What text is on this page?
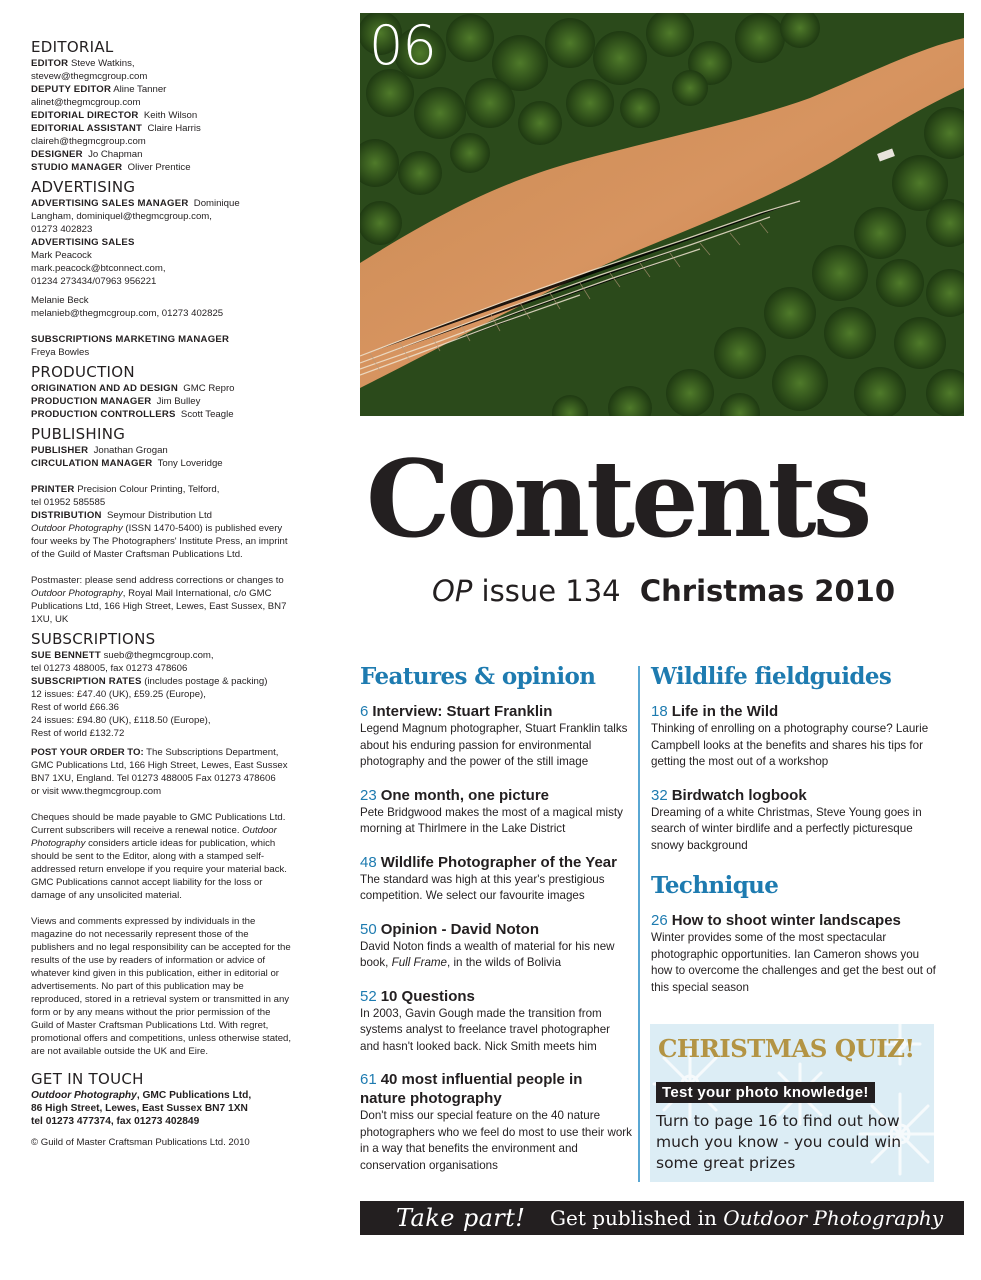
EDITORIAL
EDITOR Steve Watkins,
stevew@thegmcgroup.com
DEPUTY EDITOR Aline Tanner
alinet@thegmcgroup.com
EDITORIAL DIRECTOR Keith Wilson
EDITORIAL ASSISTANT Claire Harris
claireh@thegmcgroup.com
DESIGNER Jo Chapman
STUDIO MANAGER Oliver Prentice
ADVERTISING
ADVERTISING SALES MANAGER Dominique
Langham, dominiquel@thegmcgroup.com,
01273 402823
ADVERTISING SALES
Mark Peacock
mark.peacock@btconnect.com,
01234 273434/07963 956221
Melanie Beck
melanieb@thegmcgroup.com, 01273 402825
SUBSCRIPTIONS MARKETING MANAGER
Freya Bowles
PRODUCTION
ORIGINATION AND AD DESIGN GMC Repro
PRODUCTION MANAGER Jim Bulley
PRODUCTION CONTROLLERS Scott Teagle
PUBLISHING
PUBLISHER Jonathan Grogan
CIRCULATION MANAGER Tony Loveridge
PRINTER Precision Colour Printing, Telford,
tel 01952 585585
DISTRIBUTION Seymour Distribution Ltd
Outdoor Photography (ISSN 1470-5400) is published every four weeks by The Photographers' Institute Press, an imprint of the Guild of Master Craftsman Publications Ltd.
Postmaster: please send address corrections or changes to Outdoor Photography, Royal Mail International, c/o GMC Publications Ltd, 166 High Street, Lewes, East Sussex, BN7 1XU, UK
SUBSCRIPTIONS
SUE BENNETT sueb@thegmcgroup.com,
tel 01273 488005, fax 01273 478606
SUBSCRIPTION RATES (includes postage & packing)
12 issues: £47.40 (UK), £59.25 (Europe),
Rest of world £66.36
24 issues: £94.80 (UK), £118.50 (Europe),
Rest of world £132.72
POST YOUR ORDER TO: The Subscriptions Department, GMC Publications Ltd, 166 High Street, Lewes, East Sussex BN7 1XU, England. Tel 01273 488005 Fax 01273 478606
or visit www.thegmcgroup.com
Cheques should be made payable to GMC Publications Ltd. Current subscribers will receive a renewal notice. Outdoor Photography considers article ideas for publication, which should be sent to the Editor, along with a stamped self-addressed return envelope if you require your material back. GMC Publications cannot accept liability for the loss or damage of any unsolicited material.
Views and comments expressed by individuals in the magazine do not necessarily represent those of the publishers and no legal responsibility can be accepted for the results of the use by readers of information or advice of whatever kind given in this publication, either in editorial or advertisements. No part of this publication may be reproduced, stored in a retrieval system or transmitted in any form or by any means without the prior permission of the Guild of Master Craftsman Publications Ltd. With regret, promotional offers and competitions, unless otherwise stated, are not available outside the UK and Eire.
GET IN TOUCH
Outdoor Photography, GMC Publications Ltd,
86 High Street, Lewes, East Sussex BN7 1XN
tel 01273 477374, fax 01273 402849
© Guild of Master Craftsman Publications Ltd. 2010
06
Contents
OP issue 134 Christmas 2010
Features & opinion
6 Interview: Stuart Franklin
Legend Magnum photographer, Stuart Franklin talks about his enduring passion for environmental photography and the power of the still image
23 One month, one picture
Pete Bridgwood makes the most of a magical misty morning at Thirlmere in the Lake District
48 Wildlife Photographer of the Year
The standard was high at this year's prestigious competition. We select our favourite images
50 Opinion - David Noton
David Noton finds a wealth of material for his new book, Full Frame, in the wilds of Bolivia
52 10 Questions
In 2003, Gavin Gough made the transition from systems analyst to freelance travel photographer and hasn't looked back. Nick Smith meets him
61 40 most influential people in nature photography
Don't miss our special feature on the 40 nature photographers who we feel do most to use their work in a way that benefits the environment and conservation organisations
Wildlife fieldguides
18 Life in the Wild
Thinking of enrolling on a photography course? Laurie Campbell looks at the benefits and shares his tips for getting the most out of a workshop
32 Birdwatch logbook
Dreaming of a white Christmas, Steve Young goes in search of winter birdlife and a perfectly picturesque snowy background
Technique
26 How to shoot winter landscapes
Winter provides some of the most spectacular photographic opportunities. Ian Cameron shows you how to overcome the challenges and get the best out of this special season
CHRISTMAS QUIZ!
Test your photo knowledge!
Turn to page 16 to find out how much you know - you could win some great prizes
Take part! Get published in Outdoor Photography
